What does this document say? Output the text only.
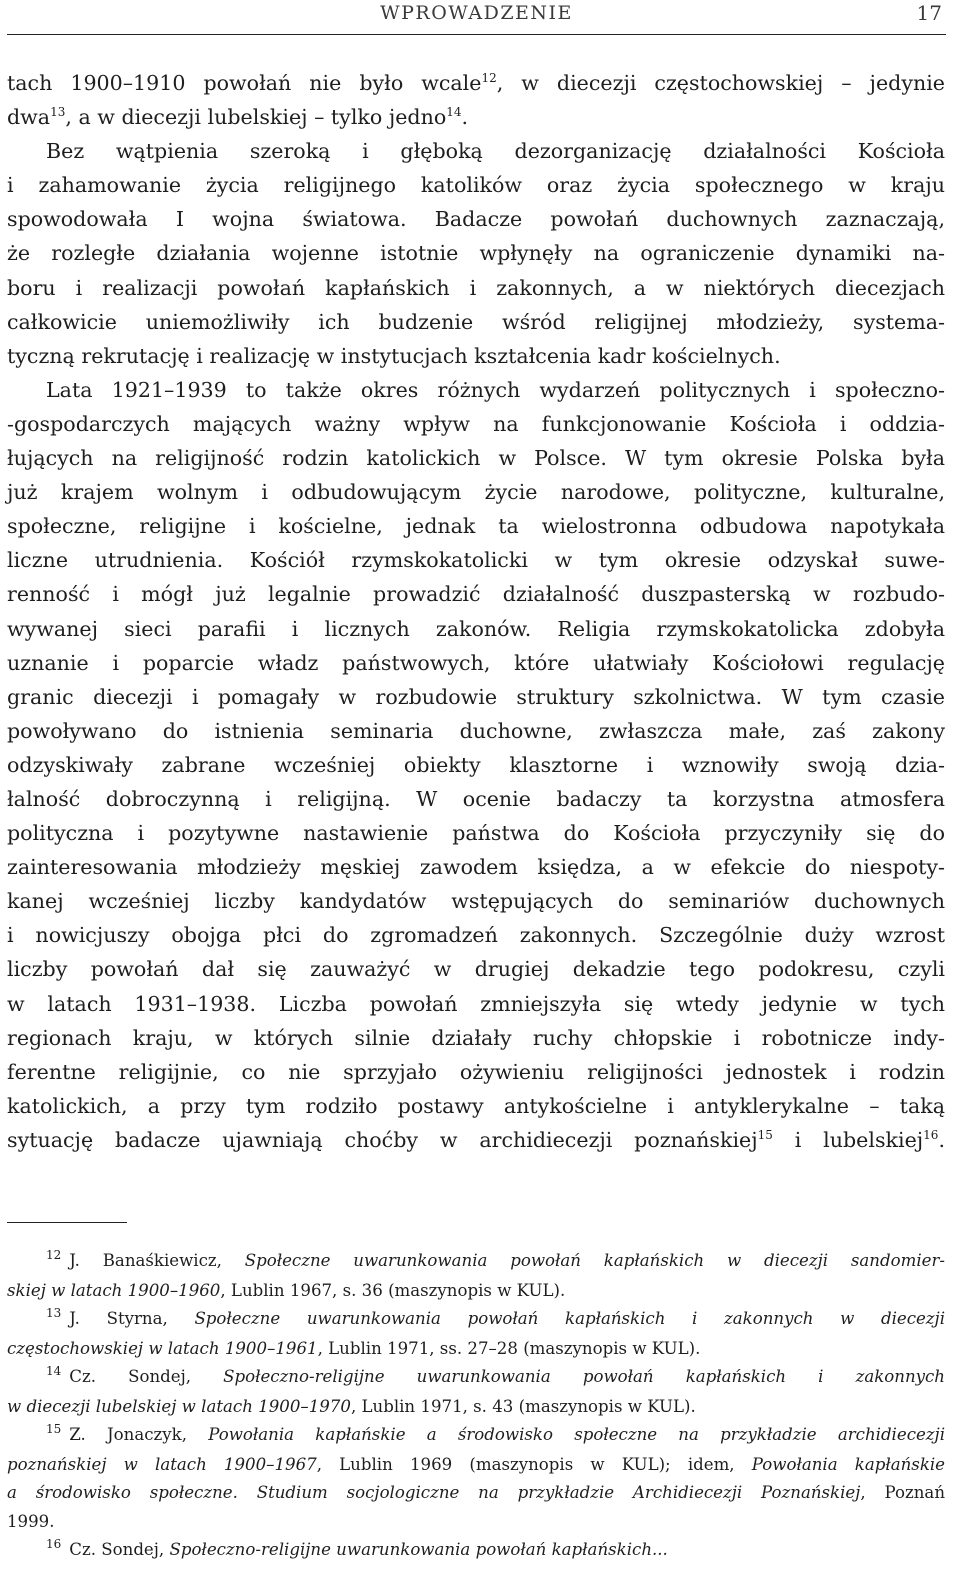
WPROWADZENIE	17
tach 1900–1910 powołań nie było wcale$^{12}$, w diecezji częstochowskiej – jedynie
dwa$^{13}$, a w diecezji lubelskiej – tylko jedno$^{14}$.
Bez wątpienia szeroką i głęboką dezorganizację działalności Kościoła
i zahamowanie życia religijnego katolików oraz życia społecznego w kraju
spowodowała I wojna światowa. Badacze powołań duchownych zaznaczają,
że rozległe działania wojenne istotnie wpłynęły na ograniczenie dynamiki na-
boru i realizacji powołań kapłańskich i zakonnych, a w niektórych diecezjach
całkowicie uniemożliwiły ich budzenie wśród religijnej młodzieży, systema-
tyczną rekrutację i realizację w instytucjach kształcenia kadr kościelnych.
Lata 1921–1939 to także okres różnych wydarzeń politycznych i społeczno-
-gospodarczych mających ważny wpływ na funkcjonowanie Kościoła i oddzia-
łujących na religijność rodzin katolickich w Polsce. W tym okresie Polska była
już krajem wolnym i odbudowującym życie narodowe, polityczne, kulturalne,
społeczne, religijne i kościelne, jednak ta wielostronna odbudowa napotykała
liczne utrudnienia. Kościół rzymskokatolicki w tym okresie odzyskał suwe-
renność i mógł już legalnie prowadzić działalność duszpasterską w rozbudo-
wywanej sieci parafii i licznych zakonów. Religia rzymskokatolicka zdobyła
uznanie i poparcie władz państwowych, które ułatwiały Kościołowi regulację
granic diecezji i pomagały w rozbudowie struktury szkolnictwa. W tym czasie
powoływano do istnienia seminaria duchowne, zwłaszcza małe, zaś zakony
odzyskiwały zabrane wcześniej obiekty klasztorne i wznowiły swoją dzia-
łalność dobroczynną i religijną. W ocenie badaczy ta korzystna atmosfera
polityczna i pozytywne nastawienie państwa do Kościoła przyczyniły się do
zainteresowania młodzieży męskiej zawodem księdza, a w efekcie do niespoty-
kanej wcześniej liczby kandydatów wstępujących do seminariów duchownych
i nowicjuszy obojga płci do zgromadzeń zakonnych. Szczególnie duży wzrost
liczby powołań dał się zauważyć w drugiej dekadzie tego podokresu, czyli
w latach 1931–1938. Liczba powołań zmniejszyła się wtedy jedynie w tych
regionach kraju, w których silnie działały ruchy chłopskie i robotnicze indy-
ferentne religijnie, co nie sprzyjało ożywieniu religijności jednostek i rodzin
katolickich, a przy tym rodziło postawy antykościelne i antyklerykalne – taką
sytuację badacze ujawniają choćby w archidiecezji poznańskiej$^{15}$ i lubelskiej$^{16}$.
$^{12}$ J. Banaśkiewicz, Społeczne uwarunkowania powołań kapłańskich w diecezji sandomier-
skiej w latach 1900–1960, Lublin 1967, s. 36 (maszynopis w KUL).
$^{13}$ J. Styrna, Społeczne uwarunkowania powołań kapłańskich i zakonnych w diecezji
częstochowskiej w latach 1900–1961, Lublin 1971, ss. 27–28 (maszynopis w KUL).
$^{14}$ Cz. Sondej, Społeczno-religijne uwarunkowania powołań kapłańskich i zakonnych
w diecezji lubelskiej w latach 1900–1970, Lublin 1971, s. 43 (maszynopis w KUL).
$^{15}$ Z. Jonaczyk, Powołania kapłańskie a środowisko społeczne na przykładzie archidiecezji
poznańskiej w latach 1900–1967, Lublin 1969 (maszynopis w KUL); idem, Powołania kapłańskie
a środowisko społeczne. Studium socjologiczne na przykładzie Archidiecezji Poznańskiej, Poznań
1999.
$^{16}$ Cz. Sondej, Społeczno-religijne uwarunkowania powołań kapłańskich...
